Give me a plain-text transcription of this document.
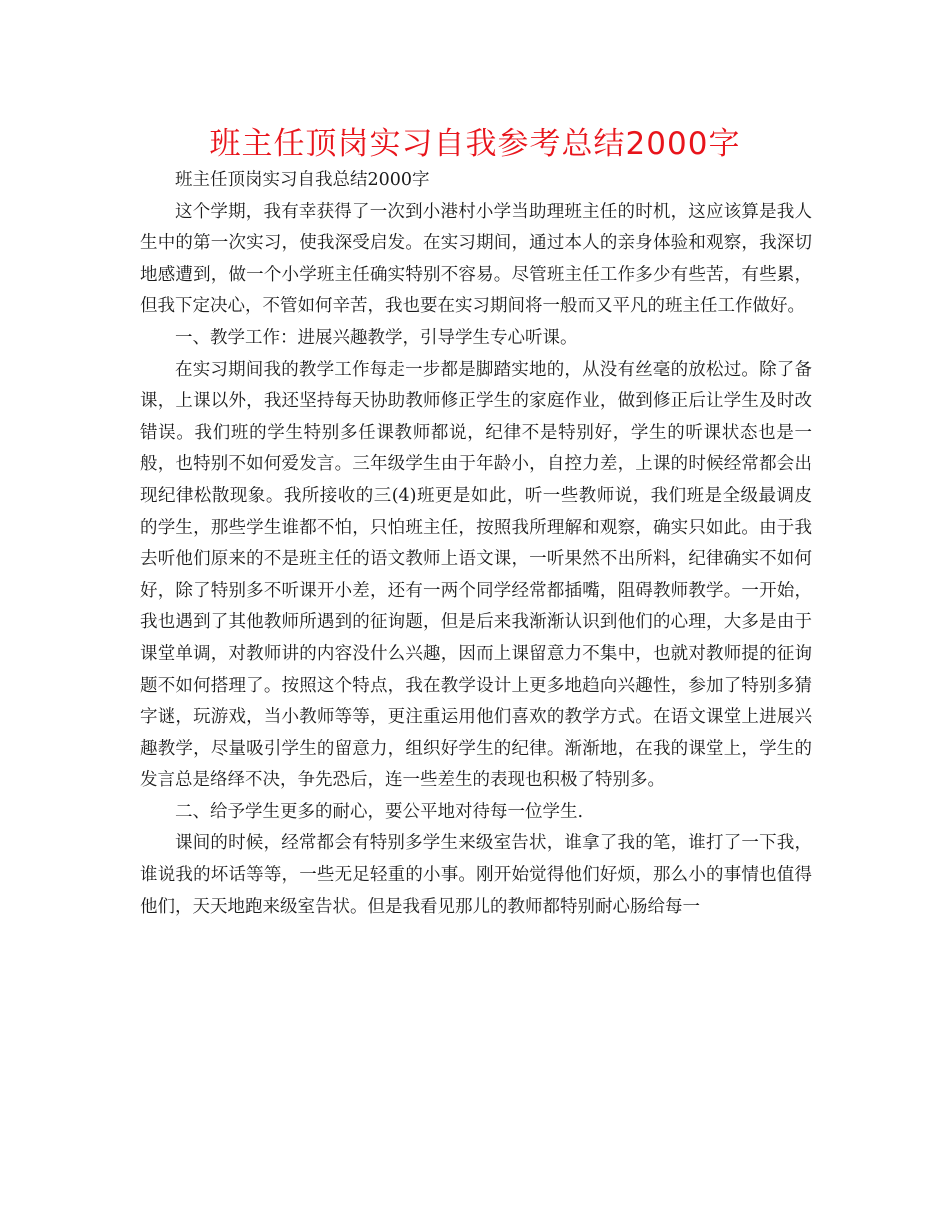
班主任顶岗实习自我参考总结2000字

班主任顶岗实习自我总结2000字

这个学期，我有幸获得了一次到小港村小学当助理班主任的时机，这应该算是我人生中的第一次实习，使我深受启发。在实习期间，通过本人的亲身体验和观察，我深切地感遭到，做一个小学班主任确实特别不容易。尽管班主任工作多少有些苦，有些累，但我下定决心，不管如何辛苦，我也要在实习期间将一般而又平凡的班主任工作做好。

一、教学工作：进展兴趣教学，引导学生专心听课。

在实习期间我的教学工作每走一步都是脚踏实地的，从没有丝毫的放松过。除了备课，上课以外，我还坚持每天协助教师修正学生的家庭作业，做到修正后让学生及时改错误。我们班的学生特别多任课教师都说，纪律不是特别好，学生的听课状态也是一般，也特别不如何爱发言。三年级学生由于年龄小，自控力差，上课的时候经常都会出现纪律松散现象。我所接收的三(4)班更是如此，听一些教师说，我们班是全级最调皮的学生，那些学生谁都不怕，只怕班主任，按照我所理解和观察，确实只如此。由于我去听他们原来的不是班主任的语文教师上语文课，一听果然不出所料，纪律确实不如何好，除了特别多不听课开小差，还有一两个同学经常都插嘴，阻碍教师教学。一开始，我也遇到了其他教师所遇到的征询题，但是后来我渐渐认识到他们的心理，大多是由于课堂单调，对教师讲的内容没什么兴趣，因而上课留意力不集中，也就对教师提的征询题不如何搭理了。按照这个特点，我在教学设计上更多地趋向兴趣性，参加了特别多猜字谜，玩游戏，当小教师等等，更注重运用他们喜欢的教学方式。在语文课堂上进展兴趣教学，尽量吸引学生的留意力，组织好学生的纪律。渐渐地，在我的课堂上，学生的发言总是络绎不决，争先恐后，连一些差生的表现也积极了特别多。

二、给予学生更多的耐心，要公平地对待每一位学生.

课间的时候，经常都会有特别多学生来级室告状，谁拿了我的笔，谁打了一下我，谁说我的坏话等等，一些无足轻重的小事。刚开始觉得他们好烦，那么小的事情也值得他们，天天地跑来级室告状。但是我看见那儿的教师都特别耐心肠给每一
